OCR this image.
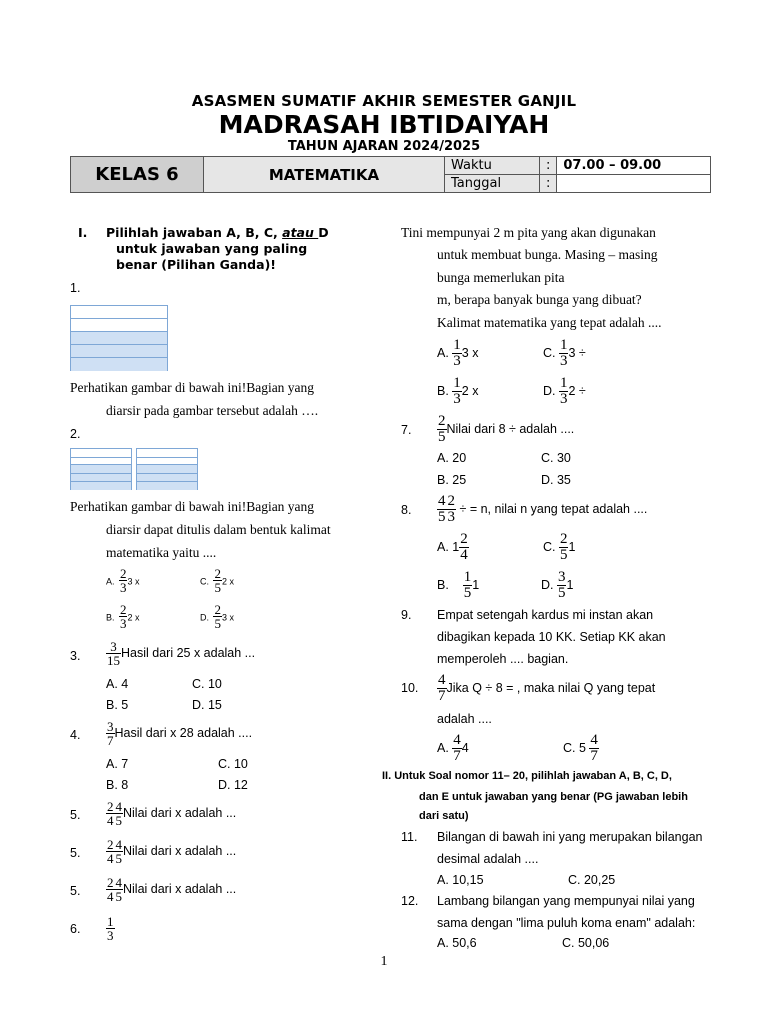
ASASMEN SUMATIF AKHIR SEMESTER GANJIL
MADRASAH IBTIDAIYAH
TAHUN AJARAN 2024/2025
KELAS 6	MATEMATIKA	Waktu	:	07.00 – 09.00
		Tanggal	:	
I. Pilihlah jawaban A, B, C, atau D
untuk jawaban yang paling
benar (Pilihan Ganda)!
1.
Perhatikan gambar di bawah ini!Bagian yang
diarsir pada gambar tersebut adalah ….
2.
Perhatikan gambar di bawah ini!Bagian yang
diarsir dapat ditulis dalam bentuk kalimat
matematika yaitu ....
A. $\frac{2}{3} 3$ x	C. $\frac{2}{5} 2$ x
B. $\frac{2}{3} 2$ x	D. $\frac{2}{5} 3$ x
3. $\frac{3}{15}$ Hasil dari 25 x adalah ...
A. 4	C. 10
B. 5	D. 15
4. $\frac{3}{7}$ Hasil dari x 28 adalah ....
A. 7	C. 10
B. 8	D. 12
5. $\frac{2}{4} \frac{4}{5}$ Nilai dari x adalah ...
5. $\frac{2}{4} \frac{4}{5}$ Nilai dari x adalah ...
5. $\frac{2}{4} \frac{4}{5}$ Nilai dari x adalah ...
6. $\frac{1}{3}$
Tini mempunyai 2 m pita yang akan digunakan
untuk membuat bunga. Masing – masing
bunga memerlukan pita
m, berapa banyak bunga yang dibuat?
Kalimat matematika yang tepat adalah ....
A. $\frac{1}{3} 3$ x	C. $\frac{1}{3} 3$ ÷
B. $\frac{1}{3} 2$ x	D. $\frac{1}{3} 2$ ÷
7. $\frac{2}{5}$ Nilai dari 8 ÷ adalah ....
A. 20	C. 30
B. 25	D. 35
8. $\frac{4}{5} \frac{2}{3}$ ÷ = n, nilai n yang tepat adalah ....
A. $1 \frac{2}{4}$	C. $\frac{2}{5} 1$
B. $\frac{1}{5} 1$	D. $\frac{3}{5} 1$
9. Empat setengah kardus mi instan akan
dibagikan kepada 10 KK. Setiap KK akan
memperoleh .... bagian.
10. $\frac{4}{7}$ Jika Q ÷ 8 = , maka nilai Q yang tepat
adalah ....
A. $\frac{4}{7} 4$	C. $5 \frac{4}{7}$
II. Untuk Soal nomor 11– 20, pilihlah jawaban A, B, C, D,
dan E untuk jawaban yang benar (PG jawaban lebih
dari satu)
11. Bilangan di bawah ini yang merupakan bilangan
desimal adalah ....
A. 10,15	C. 20,25
12. Lambang bilangan yang mempunyai nilai yang
sama dengan "lima puluh koma enam" adalah:
A. 50,6	C. 50,06
1
